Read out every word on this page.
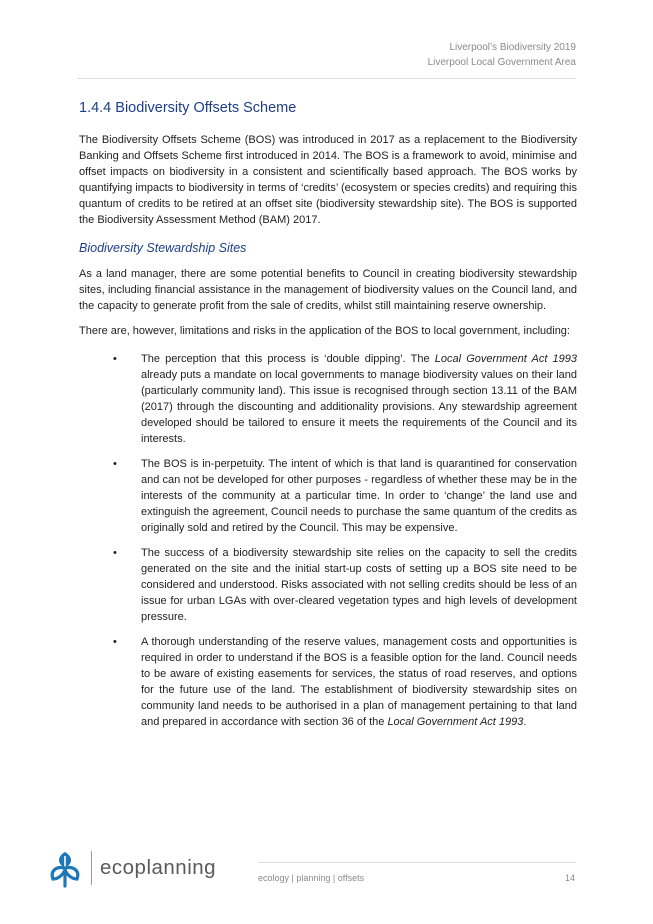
Liverpool’s Biodiversity 2019
Liverpool Local Government Area
1.4.4 Biodiversity Offsets Scheme

The Biodiversity Offsets Scheme (BOS) was introduced in 2017 as a replacement to the Biodiversity Banking and Offsets Scheme first introduced in 2014. The BOS is a framework to avoid, minimise and offset impacts on biodiversity in a consistent and scientifically based approach. The BOS works by quantifying impacts to biodiversity in terms of ‘credits’ (ecosystem or species credits) and requiring this quantum of credits to be retired at an offset site (biodiversity stewardship site). The BOS is supported the Biodiversity Assessment Method (BAM) 2017.

Biodiversity Stewardship Sites

As a land manager, there are some potential benefits to Council in creating biodiversity stewardship sites, including financial assistance in the management of biodiversity values on the Council land, and the capacity to generate profit from the sale of credits, whilst still maintaining reserve ownership.

There are, however, limitations and risks in the application of the BOS to local government, including:

• The perception that this process is ‘double dipping’. The Local Government Act 1993 already puts a mandate on local governments to manage biodiversity values on their land (particularly community land). This issue is recognised through section 13.11 of the BAM (2017) through the discounting and additionality provisions. Any stewardship agreement developed should be tailored to ensure it meets the requirements of the Council and its interests.
• The BOS is in-perpetuity. The intent of which is that land is quarantined for conservation and can not be developed for other purposes - regardless of whether these may be in the interests of the community at a particular time. In order to ‘change’ the land use and extinguish the agreement, Council needs to purchase the same quantum of the credits as originally sold and retired by the Council. This may be expensive.
• The success of a biodiversity stewardship site relies on the capacity to sell the credits generated on the site and the initial start-up costs of setting up a BOS site need to be considered and understood. Risks associated with not selling credits should be less of an issue for urban LGAs with over-cleared vegetation types and high levels of development pressure.
• A thorough understanding of the reserve values, management costs and opportunities is required in order to understand if the BOS is a feasible option for the land. Council needs to be aware of existing easements for services, the status of road reserves, and options for the future use of the land. The establishment of biodiversity stewardship sites on community land needs to be authorised in a plan of management pertaining to that land and prepared in accordance with section 36 of the Local Government Act 1993.
ecoplanning	ecology | planning | offsets	14
